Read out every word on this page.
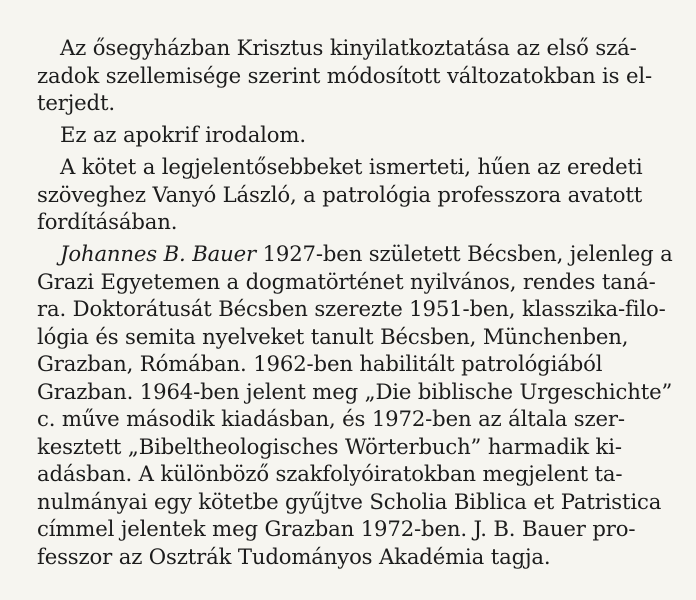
Az ősegyházban Krisztus kinyilatkoztatása az első szá-
zadok szellemisége szerint módosított változatokban is el-
terjedt.
Ez az apokrif irodalom.
A kötet a legjelentősebbeket ismerteti, hűen az eredeti
szöveghez Vanyó László, a patrológia professzora avatott
fordításában.
Johannes B. Bauer 1927-ben született Bécsben, jelenleg a
Grazi Egyetemen a dogmatörténet nyilvános, rendes taná-
ra. Doktorátusát Bécsben szerezte 1951-ben, klasszika-filo-
lógia és semita nyelveket tanult Bécsben, Münchenben,
Grazban, Rómában. 1962-ben habilitált patrológiából
Grazban. 1964-ben jelent meg „Die biblische Urgeschichte”
c. műve második kiadásban, és 1972-ben az általa szer-
kesztett „Bibeltheologisches Wörterbuch” harmadik ki-
adásban. A különböző szakfolyóiratokban megjelent ta-
nulmányai egy kötetbe gyűjtve Scholia Biblica et Patristica
címmel jelentek meg Grazban 1972-ben. J. B. Bauer pro-
fesszor az Osztrák Tudományos Akadémia tagja.
